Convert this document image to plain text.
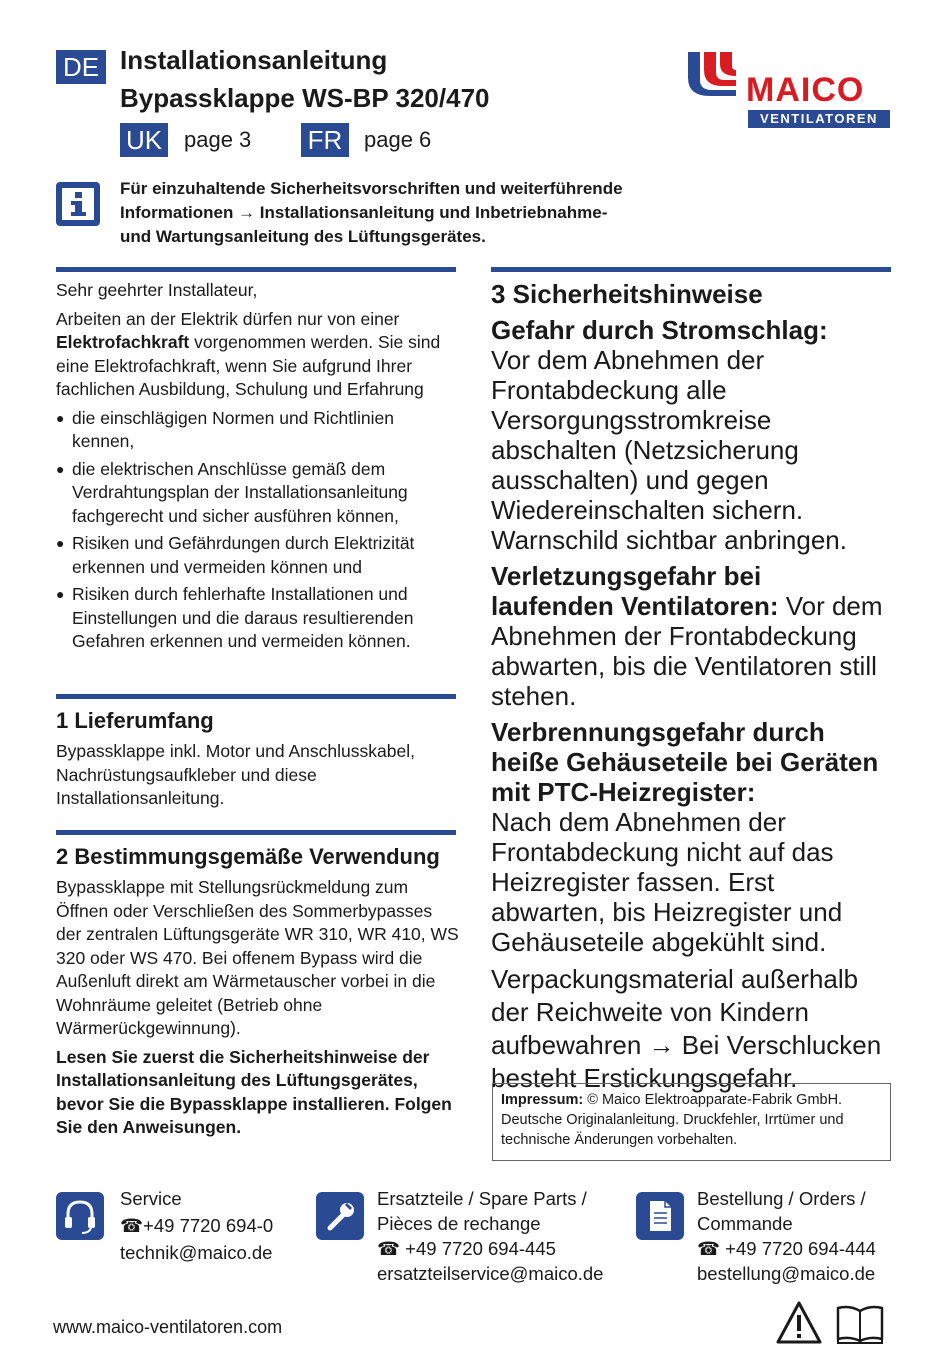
DE Installationsanleitung
Bypassklappe WS-BP 320/470
UK page 3 FR page 6
MAICO
VENTILATOREN
Für einzuhaltende Sicherheitsvorschriften und weiterführende
Informationen → Installationsanleitung und Inbetriebnahme-
und Wartungsanleitung des Lüftungsgerätes.

Sehr geehrter Installateur,

Arbeiten an der Elektrik dürfen nur von einer Elektrofachkraft vorgenommen werden. Sie sind eine Elektrofachkraft, wenn Sie aufgrund Ihrer fachlichen Ausbildung, Schulung und Erfahrung

● die einschlägigen Normen und Richtlinien kennen,
● die elektrischen Anschlüsse gemäß dem Verdrahtungsplan der Installationsanleitung fachgerecht und sicher ausführen können,
● Risiken und Gefährdungen durch Elektrizität erkennen und vermeiden können und
● Risiken durch fehlerhafte Installationen und Einstellungen und die daraus resultierenden Gefahren erkennen und vermeiden können.
1 Lieferumfang
Bypassklappe inkl. Motor und Anschlusskabel, Nachrüstungsaufkleber und diese Installationsanleitung.
2 Bestimmungsgemäße Verwendung

Bypassklappe mit Stellungsrückmeldung zum Öffnen oder Verschließen des Sommerbypasses der zentralen Lüftungsgeräte WR 310, WR 410, WS 320 oder WS 470. Bei offenem Bypass wird die Außenluft direkt am Wärmetauscher vorbei in die Wohnräume geleitet (Betrieb ohne Wärmerückgewinnung).

Lesen Sie zuerst die Sicherheitshinweise der Installationsanleitung des Lüftungsgerätes, bevor Sie die Bypassklappe installieren. Folgen Sie den Anweisungen.

3 Sicherheitshinweise

Gefahr durch Stromschlag:
Vor dem Abnehmen der Frontabdeckung alle Versorgungsstromkreise abschalten (Netzsicherung ausschalten) und gegen Wiedereinschalten sichern. Warnschild sichtbar anbringen.

Verletzungsgefahr bei laufenden Ventilatoren: Vor dem Abnehmen der Frontabdeckung abwarten, bis die Ventilatoren still stehen.

Verbrennungsgefahr durch heiße Gehäuseteile bei Geräten mit PTC-Heizregister:
Nach dem Abnehmen der Frontabdeckung nicht auf das Heizregister fassen. Erst abwarten, bis Heizregister und Gehäuseteile abgekühlt sind.

Verpackungsmaterial außerhalb der Reichweite von Kindern aufbewahren → Bei Verschlucken besteht Erstickungsgefahr.

Impressum: © Maico Elektroapparate-Fabrik GmbH. Deutsche Originalanleitung. Druckfehler, Irrtümer und technische Änderungen vorbehalten.
Service
☎+49 7720 694-0
technik@maico.de
Ersatzteile / Spare Parts /
Pièces de rechange
☎ +49 7720 694-445
ersatzteilservice@maico.de
Bestellung / Orders /
Commande
☎ +49 7720 694-444
bestellung@maico.de
www.maico-ventilatoren.com
